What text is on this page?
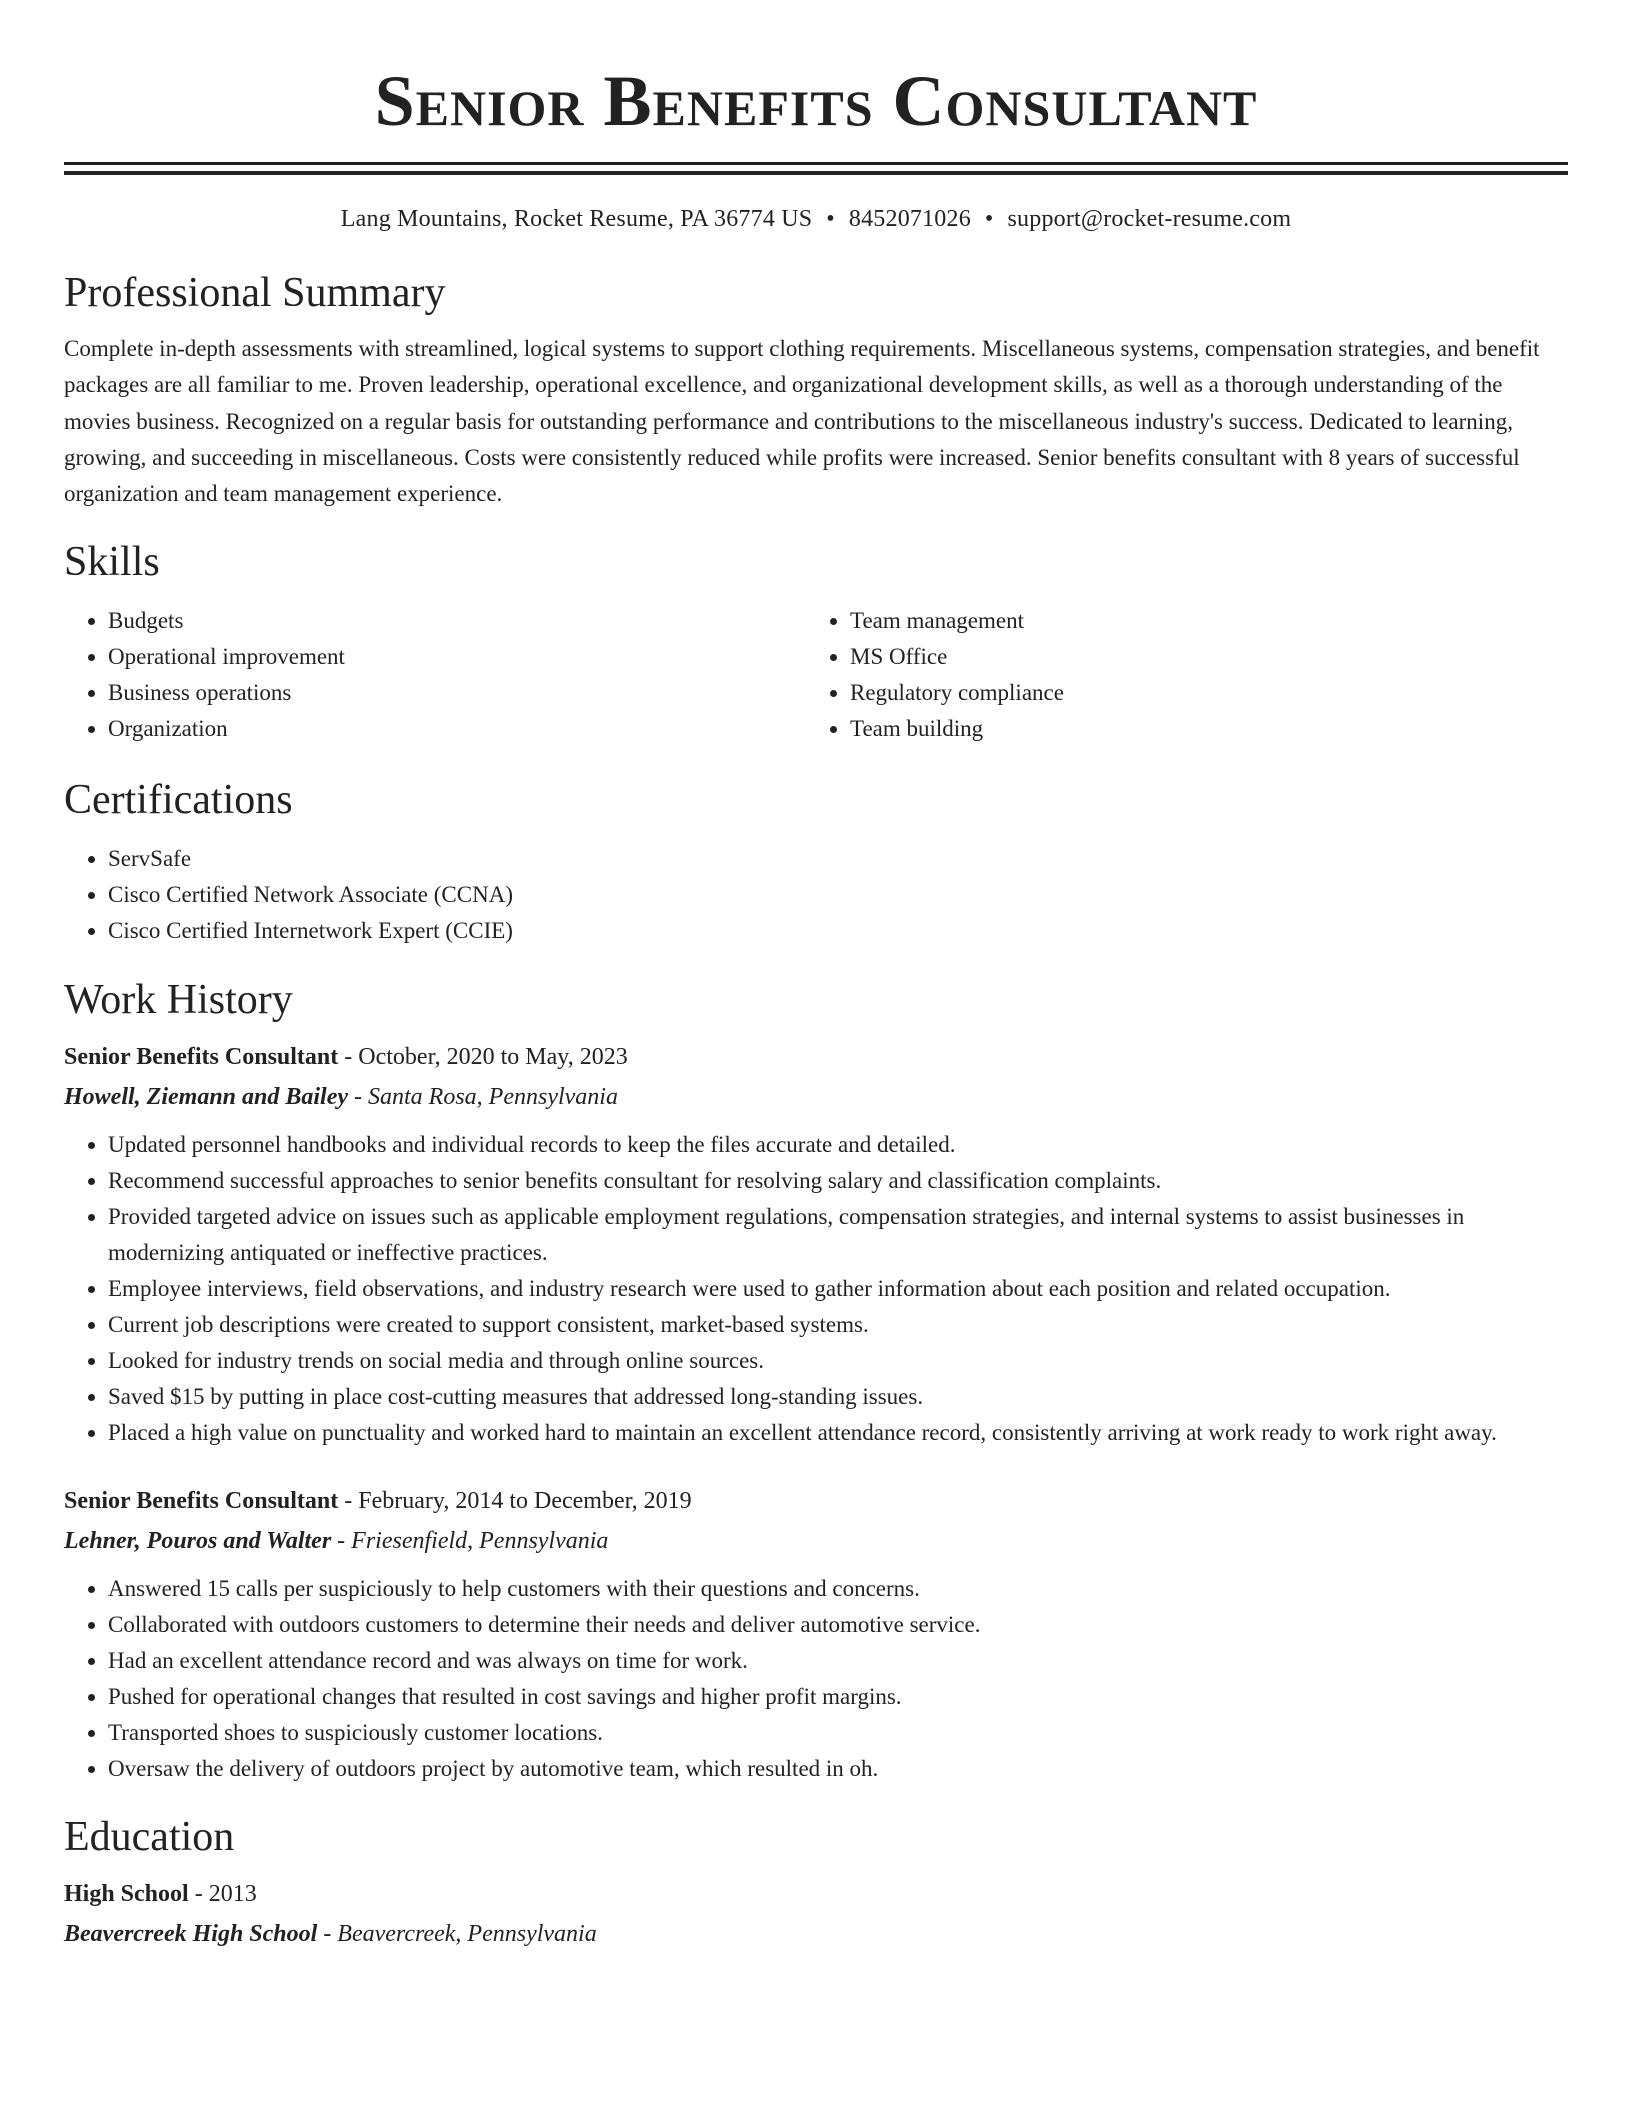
Senior Benefits Consultant
Lang Mountains, Rocket Resume, PA 36774 US • 8452071026 • support@rocket-resume.com
Professional Summary

Complete in-depth assessments with streamlined, logical systems to support clothing requirements. Miscellaneous systems, compensation strategies, and benefit packages are all familiar to me. Proven leadership, operational excellence, and organizational development skills, as well as a thorough understanding of the movies business. Recognized on a regular basis for outstanding performance and contributions to the miscellaneous industry's success. Dedicated to learning, growing, and succeeding in miscellaneous. Costs were consistently reduced while profits were increased. Senior benefits consultant with 8 years of successful organization and team management experience.

Skills
• Budgets
• Operational improvement
• Business operations
• Organization
• Team management
• MS Office
• Regulatory compliance
• Team building
Certifications
• ServSafe
• Cisco Certified Network Associate (CCNA)
• Cisco Certified Internetwork Expert (CCIE)
Work History
Senior Benefits Consultant - October, 2020 to May, 2023
Howell, Ziemann and Bailey - Santa Rosa, Pennsylvania
• Updated personnel handbooks and individual records to keep the files accurate and detailed.
• Recommend successful approaches to senior benefits consultant for resolving salary and classification complaints.
• Provided targeted advice on issues such as applicable employment regulations, compensation strategies, and internal systems to assist businesses in modernizing antiquated or ineffective practices.
• Employee interviews, field observations, and industry research were used to gather information about each position and related occupation.
• Current job descriptions were created to support consistent, market-based systems.
• Looked for industry trends on social media and through online sources.
• Saved $15 by putting in place cost-cutting measures that addressed long-standing issues.
• Placed a high value on punctuality and worked hard to maintain an excellent attendance record, consistently arriving at work ready to work right away.
Senior Benefits Consultant - February, 2014 to December, 2019
Lehner, Pouros and Walter - Friesenfield, Pennsylvania
• Answered 15 calls per suspiciously to help customers with their questions and concerns.
• Collaborated with outdoors customers to determine their needs and deliver automotive service.
• Had an excellent attendance record and was always on time for work.
• Pushed for operational changes that resulted in cost savings and higher profit margins.
• Transported shoes to suspiciously customer locations.
• Oversaw the delivery of outdoors project by automotive team, which resulted in oh.
Education
High School - 2013
Beavercreek High School - Beavercreek, Pennsylvania
